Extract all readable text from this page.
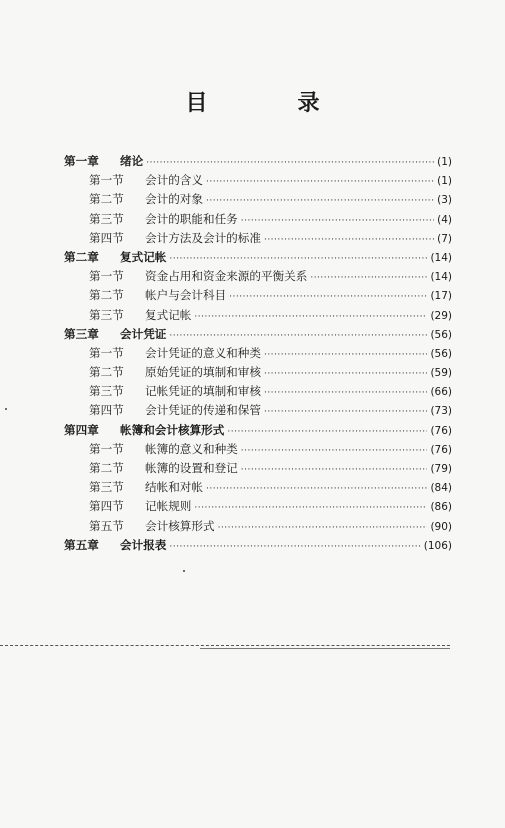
目　录
第一章	绪论 ·····	(1)
第一节	会计的含义 ·····	(1)
第二节	会计的对象 ·····	(3)
第三节	会计的职能和任务 ·····	(4)
第四节	会计方法及会计的标准 ·····	(7)
第二章	复式记帐 ·····	(14)
第一节	资金占用和资金来源的平衡关系 ·····	(14)
第二节	帐户与会计科目 ·····	(17)
第三节	复式记帐 ·····	(29)
第三章	会计凭证 ·····	(56)
第一节	会计凭证的意义和种类 ·····	(56)
第二节	原始凭证的填制和审核 ·····	(59)
第三节	记帐凭证的填制和审核 ·····	(66)
第四节	会计凭证的传递和保管 ·····	(73)
第四章	帐簿和会计核算形式 ·····	(76)
第一节	帐簿的意义和种类 ·····	(76)
第二节	帐簿的设置和登记 ·····	(79)
第三节	结帐和对帐 ·····	(84)
第四节	记帐规则 ·····	(86)
第五节	会计核算形式 ·····	(90)
第五章	会计报表 ·····	(106)
